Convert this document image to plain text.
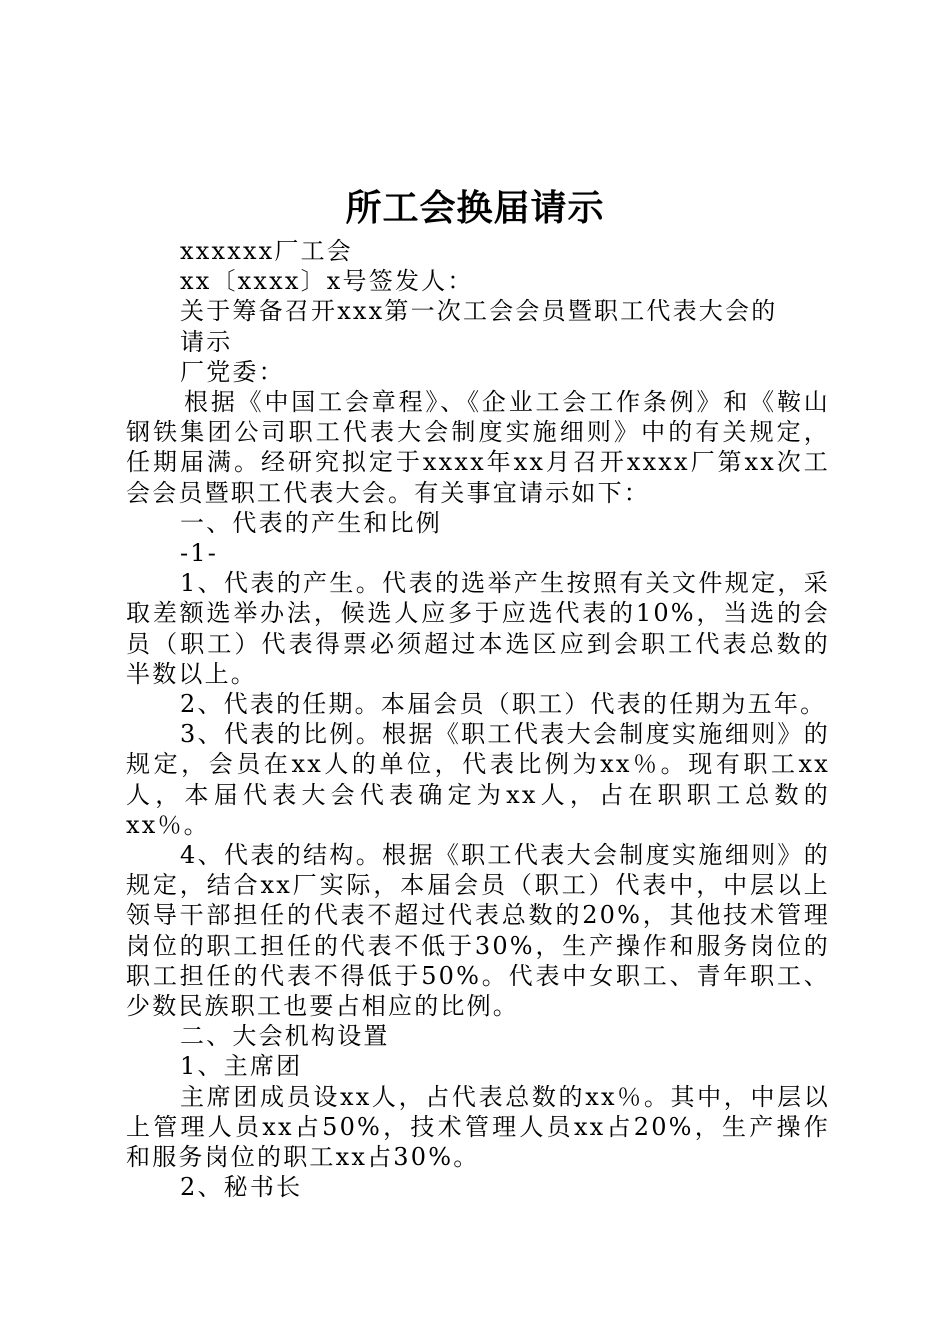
所工会换届请示

xxxxxx厂工会

xx〔xxxx〕x号签发人：

关于筹备召开xxx第一次工会会员暨职工代表大会的

请示

厂党委：

根据《中国工会章程》、《企业工会工作条例》和《鞍山钢铁集团公司职工代表大会制度实施细则》中的有关规定，任期届满。经研究拟定于xxxx年xx月召开xxxx厂第xx次工会会员暨职工代表大会。有关事宜请示如下：

一、代表的产生和比例

-1-

1、代表的产生。代表的选举产生按照有关文件规定，采取差额选举办法，候选人应多于应选代表的10%，当选的会员（职工）代表得票必须超过本选区应到会职工代表总数的半数以上。

2、代表的任期。本届会员（职工）代表的任期为五年。

3、代表的比例。根据《职工代表大会制度实施细则》的规定，会员在xx人的单位，代表比例为xx％。现有职工xx人，本届代表大会代表确定为xx人，占在职职工总数的xx％。

4、代表的结构。根据《职工代表大会制度实施细则》的规定，结合xx厂实际，本届会员（职工）代表中，中层以上领导干部担任的代表不超过代表总数的20%，其他技术管理岗位的职工担任的代表不低于30%，生产操作和服务岗位的职工担任的代表不得低于50%。代表中女职工、青年职工、少数民族职工也要占相应的比例。

二、大会机构设置

1、主席团

主席团成员设xx人，占代表总数的xx％。其中，中层以上管理人员xx占50%，技术管理人员xx占20%，生产操作和服务岗位的职工xx占30%。

2、秘书长
